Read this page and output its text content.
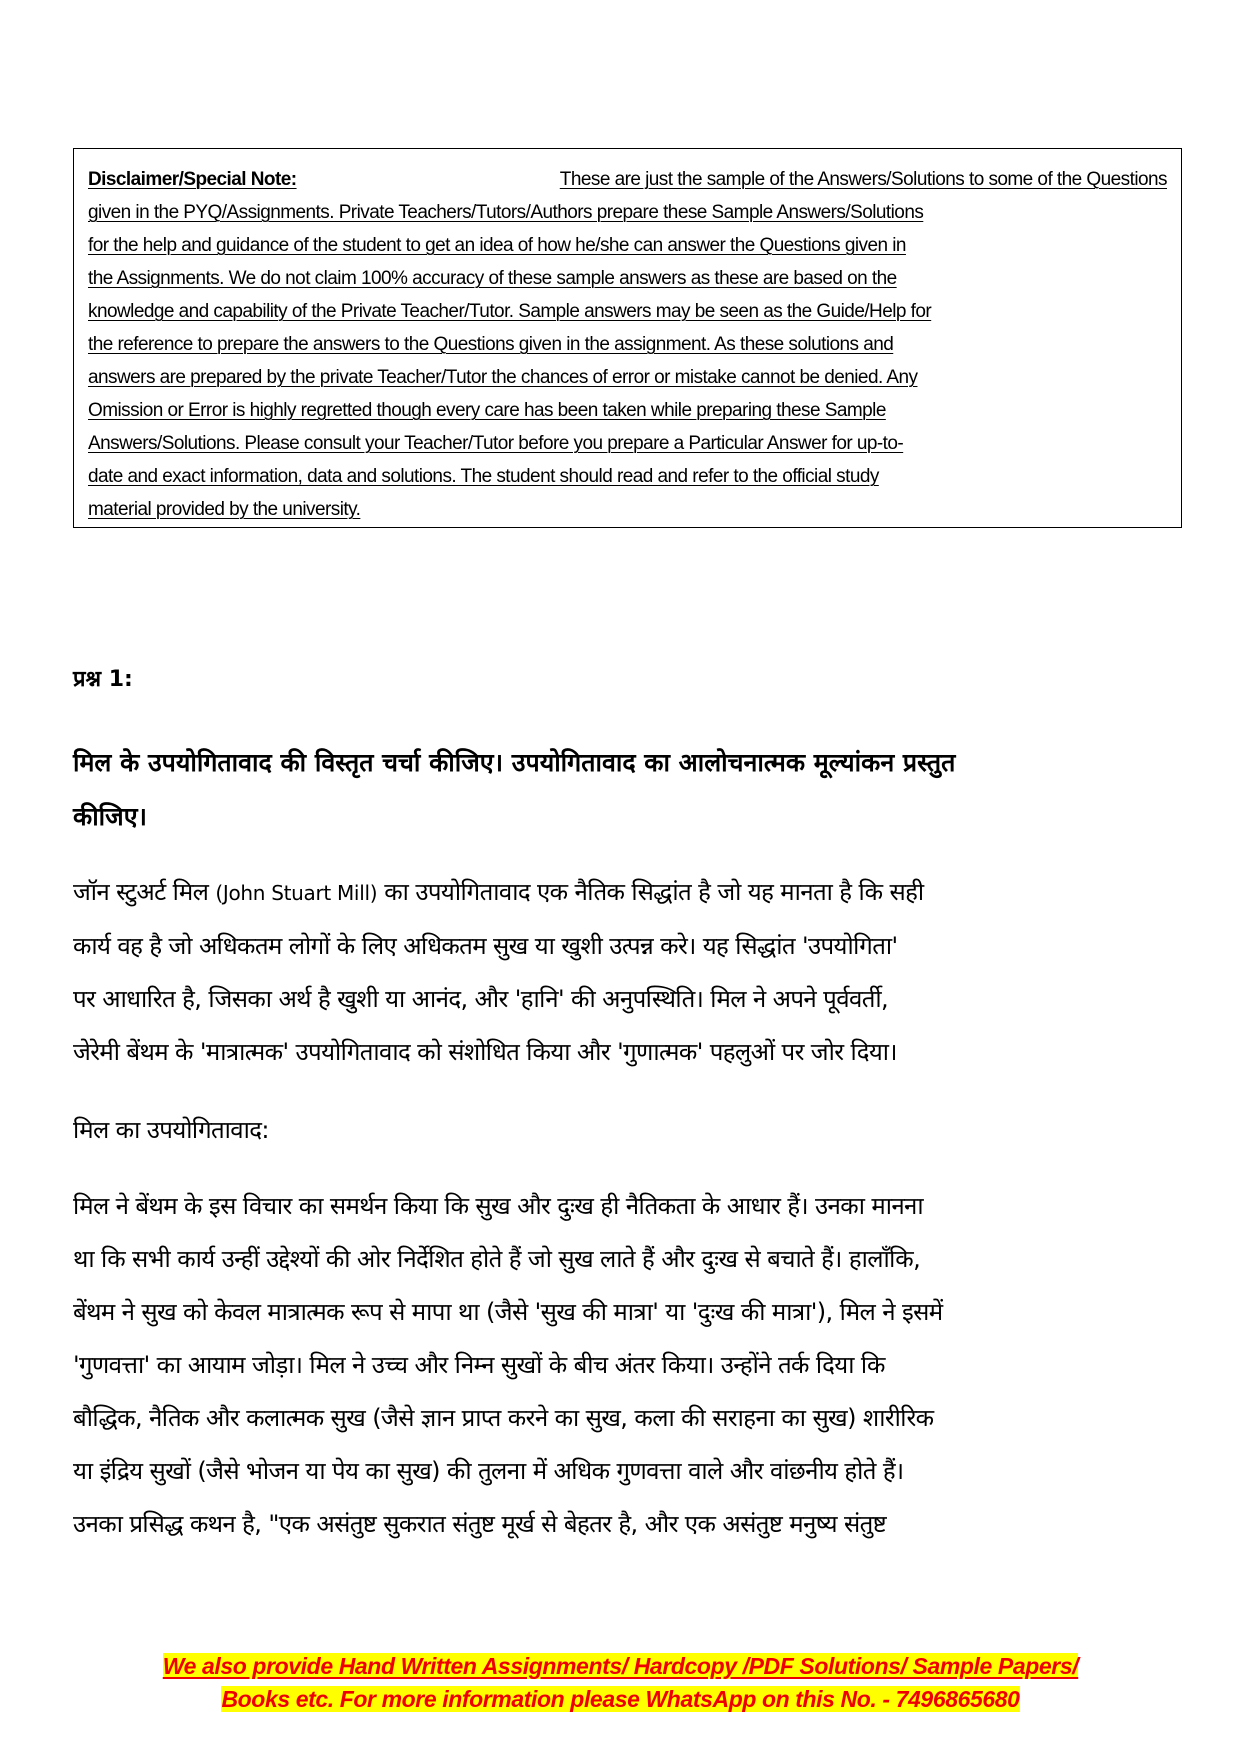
Disclaimer/Special Note:	These are just the sample of the Answers/Solutions to some of the Questions
given in the PYQ/Assignments. Private Teachers/Tutors/Authors prepare these Sample Answers/Solutions
for the help and guidance of the student to get an idea of how he/she can answer the Questions given in
the Assignments. We do not claim 100% accuracy of these sample answers as these are based on the
knowledge and capability of the Private Teacher/Tutor. Sample answers may be seen as the Guide/Help for
the reference to prepare the answers to the Questions given in the assignment. As these solutions and
answers are prepared by the private Teacher/Tutor the chances of error or mistake cannot be denied. Any
Omission or Error is highly regretted though every care has been taken while preparing these Sample
Answers/Solutions. Please consult your Teacher/Tutor before you prepare a Particular Answer for up-to-
date and exact information, data and solutions. The student should read and refer to the official study
material provided by the university.
प्रश्न 1:
मिल के उपयोगितावाद की विस्तृत चर्चा कीजिए। उपयोगितावाद का आलोचनात्मक मूल्यांकन प्रस्तुत
कीजिए।
जॉन स्टुअर्ट मिल (John Stuart Mill) का उपयोगितावाद एक नैतिक सिद्धांत है जो यह मानता है कि सही
कार्य वह है जो अधिकतम लोगों के लिए अधिकतम सुख या खुशी उत्पन्न करे। यह सिद्धांत 'उपयोगिता'
पर आधारित है, जिसका अर्थ है खुशी या आनंद, और 'हानि' की अनुपस्थिति। मिल ने अपने पूर्ववर्ती,
जेरेमी बेंथम के 'मात्रात्मक' उपयोगितावाद को संशोधित किया और 'गुणात्मक' पहलुओं पर जोर दिया।
मिल का उपयोगितावाद:
मिल ने बेंथम के इस विचार का समर्थन किया कि सुख और दुःख ही नैतिकता के आधार हैं। उनका मानना
था कि सभी कार्य उन्हीं उद्देश्यों की ओर निर्देशित होते हैं जो सुख लाते हैं और दुःख से बचाते हैं। हालाँकि,
बेंथम ने सुख को केवल मात्रात्मक रूप से मापा था (जैसे 'सुख की मात्रा' या 'दुःख की मात्रा'), मिल ने इसमें
'गुणवत्ता' का आयाम जोड़ा। मिल ने उच्च और निम्न सुखों के बीच अंतर किया। उन्होंने तर्क दिया कि
बौद्धिक, नैतिक और कलात्मक सुख (जैसे ज्ञान प्राप्त करने का सुख, कला की सराहना का सुख) शारीरिक
या इंद्रिय सुखों (जैसे भोजन या पेय का सुख) की तुलना में अधिक गुणवत्ता वाले और वांछनीय होते हैं।
उनका प्रसिद्ध कथन है, "एक असंतुष्ट सुकरात संतुष्ट मूर्ख से बेहतर है, और एक असंतुष्ट मनुष्य संतुष्ट
We also provide Hand Written Assignments/ Hardcopy /PDF Solutions/ Sample Papers/
Books etc. For more information please WhatsApp on this No. - 7496865680
